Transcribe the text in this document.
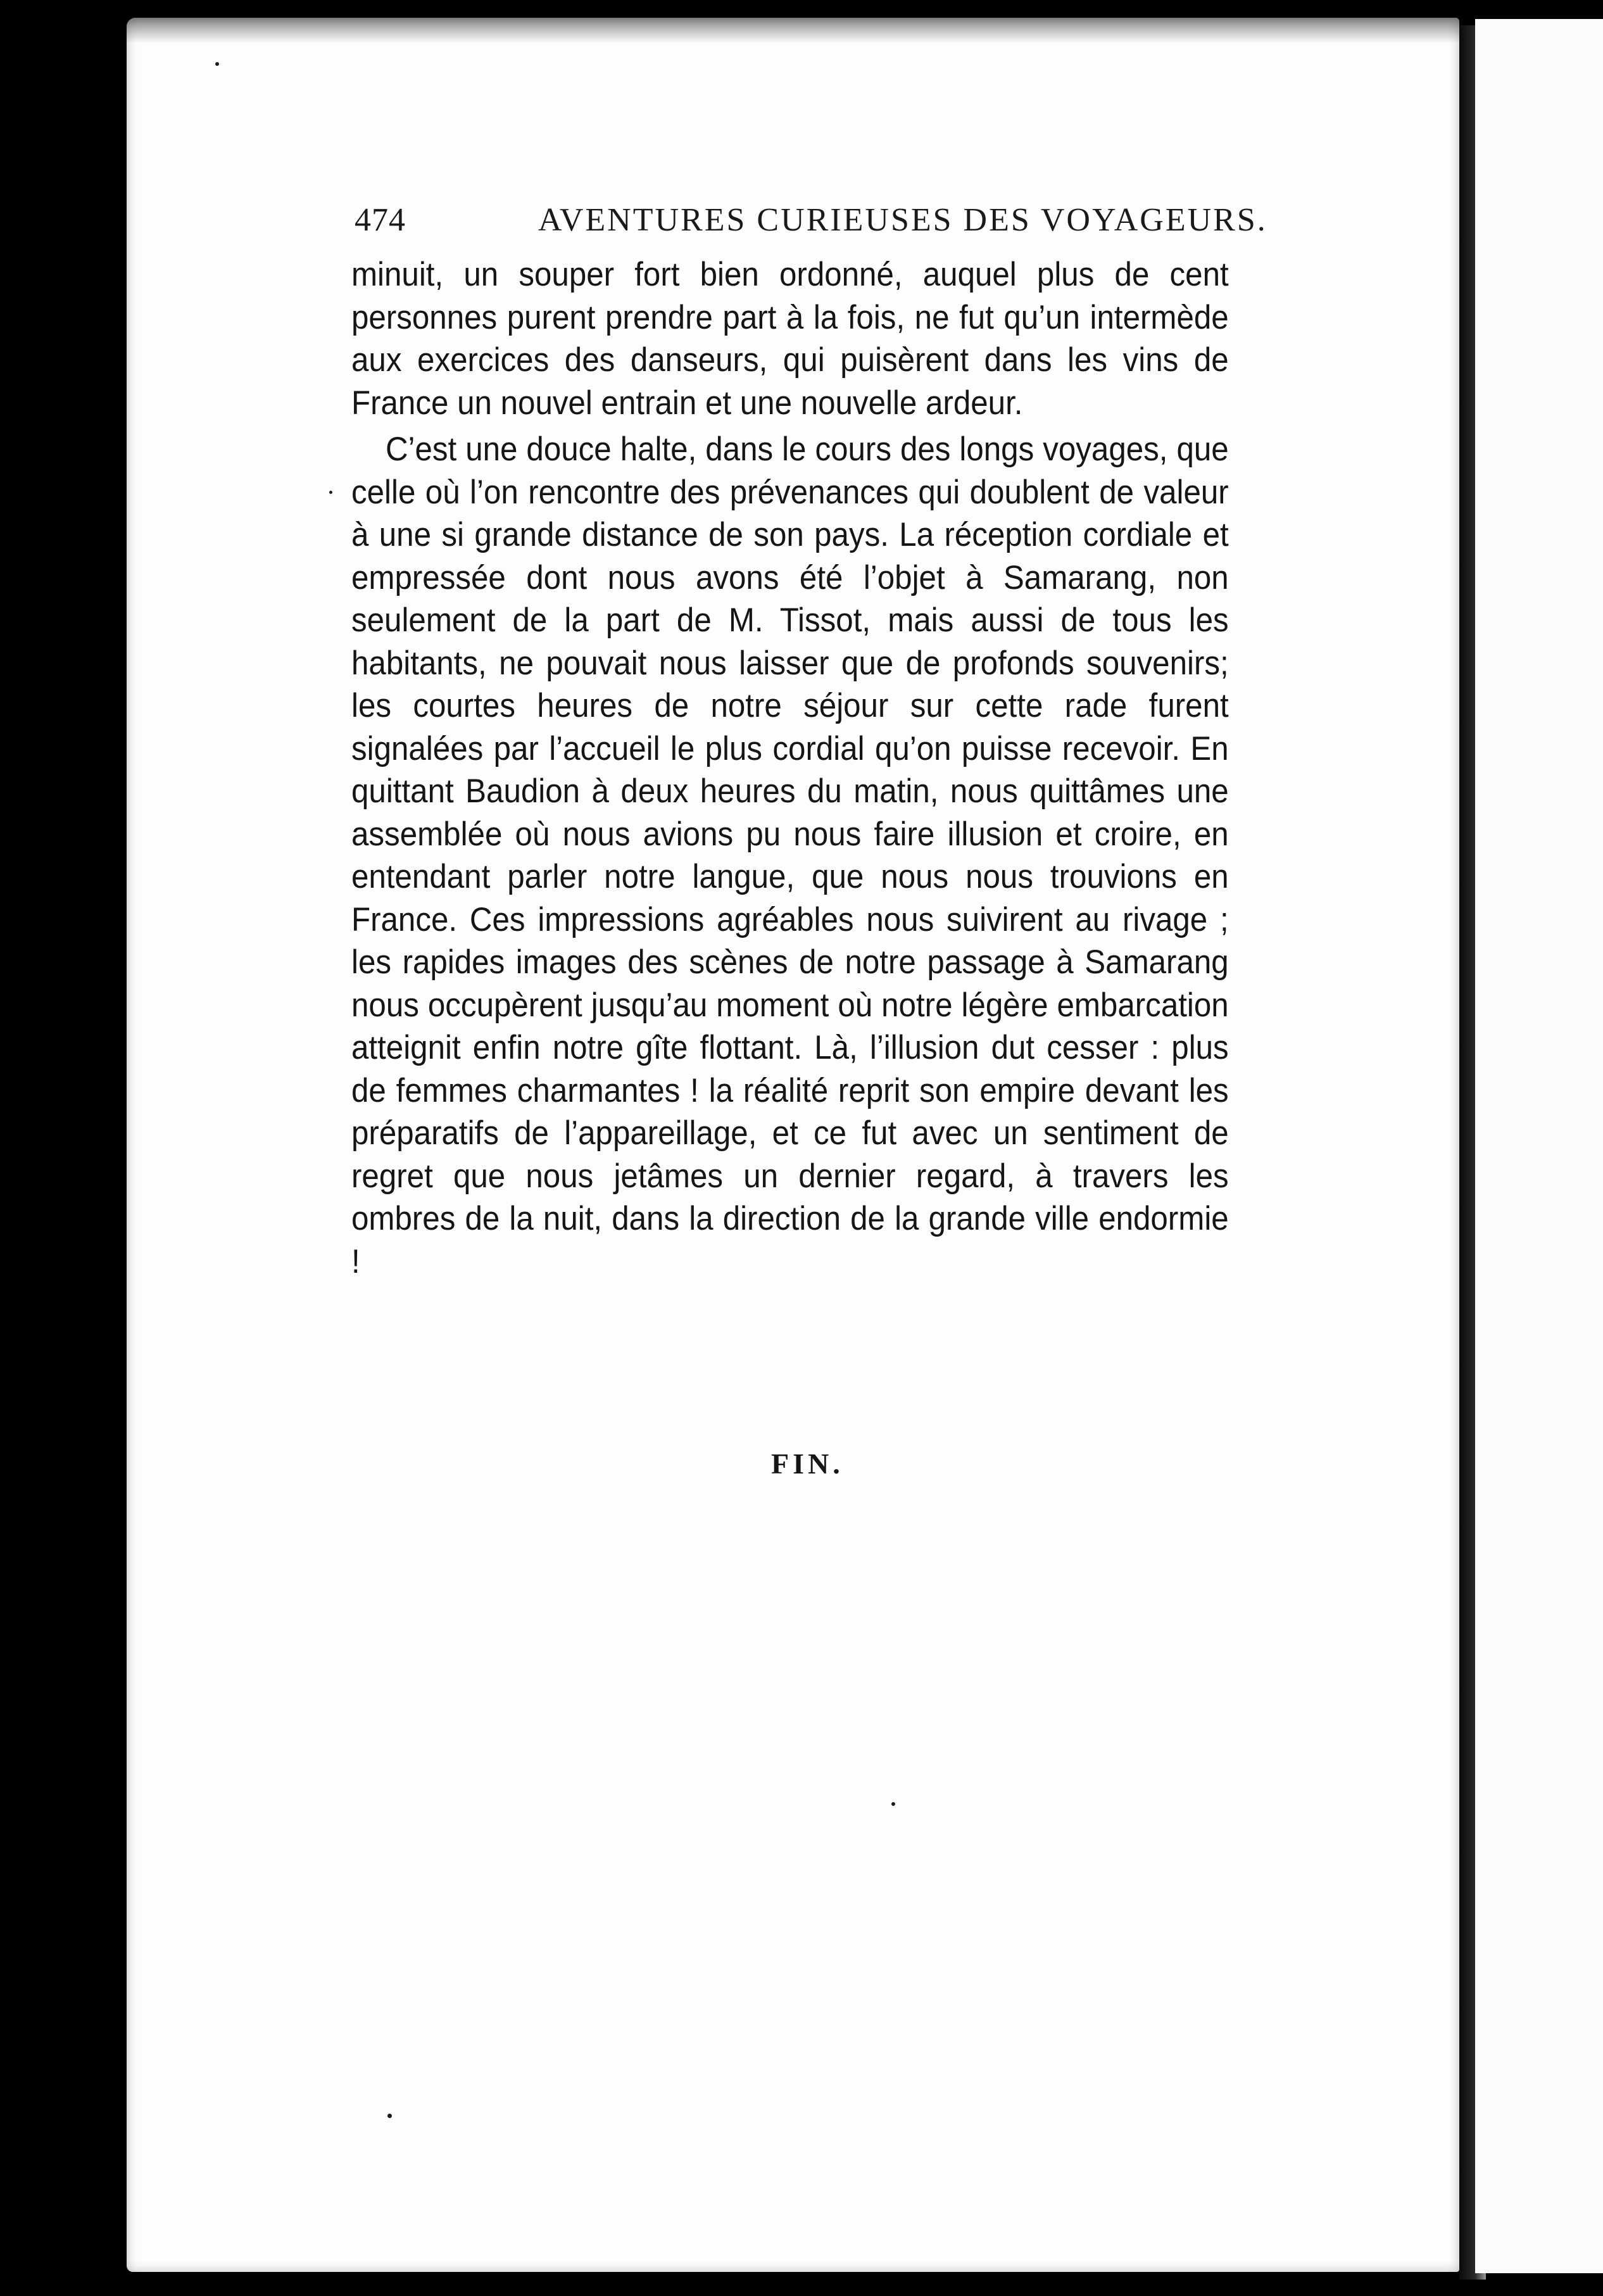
474	AVENTURES CURIEUSES DES VOYAGEURS.

minuit, un souper fort bien ordonné, auquel plus de cent personnes purent prendre part à la fois, ne fut qu’un intermède aux exercices des danseurs, qui puisèrent dans les vins de France un nouvel entrain et une nouvelle ardeur.

C’est une douce halte, dans le cours des longs voyages, que celle où l’on rencontre des prévenances qui doublent de valeur à une si grande distance de son pays. La réception cordiale et empressée dont nous avons été l’objet à Samarang, non seulement de la part de M. Tissot, mais aussi de tous les habitants, ne pouvait nous laisser que de profonds souvenirs; les courtes heures de notre séjour sur cette rade furent signalées par l’accueil le plus cordial qu’on puisse recevoir. En quittant Baudion à deux heures du matin, nous quittâmes une assemblée où nous avions pu nous faire illusion et croire, en entendant parler notre langue, que nous nous trouvions en France. Ces impressions agréables nous suivirent au rivage ; les rapides images des scènes de notre passage à Samarang nous occupèrent jusqu’au moment où notre légère embarcation atteignit enfin notre gîte flottant. Là, l’illusion dut cesser : plus de femmes charmantes ! la réalité reprit son empire devant les préparatifs de l’appareillage, et ce fut avec un sentiment de regret que nous jetâmes un dernier regard, à travers les ombres de la nuit, dans la direction de la grande ville endormie !

FIN.
